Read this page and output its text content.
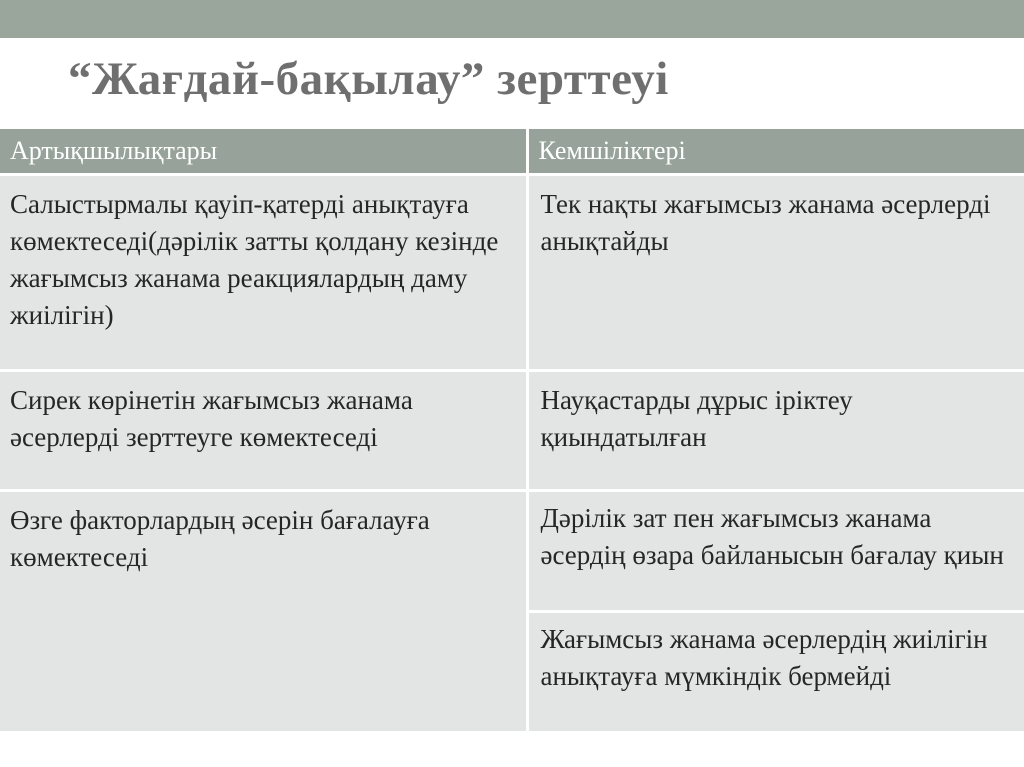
“Жағдай-бақылау” зерттеуі
Артықшылықтары	Кемшіліктері

Салыстырмалы қауіп-қатерді анықтауға көмектеседі(дәрілік затты қолдану кезінде жағымсыз жанама реакциялардың даму жиілігін)	Тек нақты жағымсыз жанама әсерлерді анықтайды

Сирек көрінетін жағымсыз жанама әсерлерді зерттеуге көмектеседі	Науқастарды дұрыс іріктеу қиындатылған

Өзге факторлардың әсерін бағалауға көмектеседі	Дәрілік зат пен жағымсыз жанама әсердің өзара байланысын бағалау қиын

	Жағымсыз жанама әсерлердің жиілігін анықтауға мүмкіндік бермейді
